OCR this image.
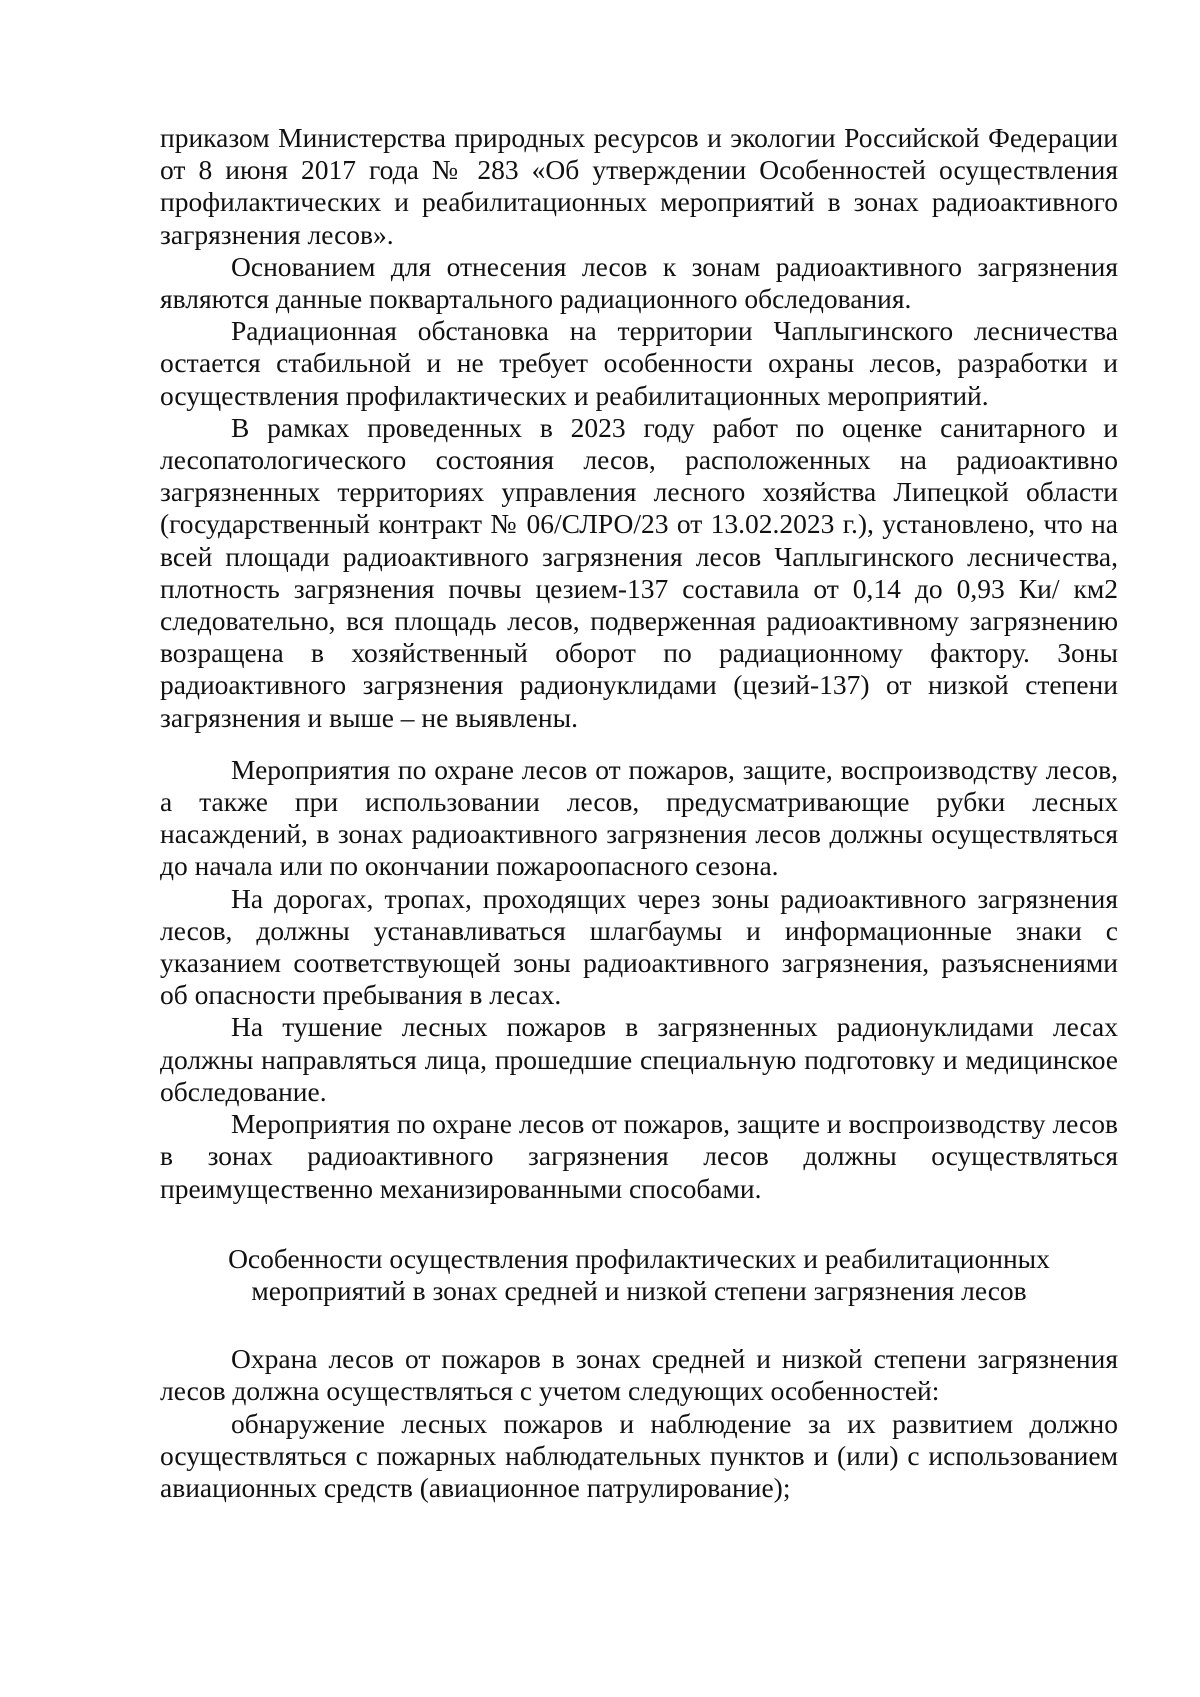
приказом Министерства природных ресурсов и экологии Российской Федерации от 8 июня 2017 года № 283 «Об утверждении Особенностей осуществления профилактических и реабилитационных мероприятий в зонах радиоактивного загрязнения лесов».

Основанием для отнесения лесов к зонам радиоактивного загрязнения являются данные поквартального радиационного обследования.

Радиационная обстановка на территории Чаплыгинского лесничества остается стабильной и не требует особенности охраны лесов, разработки и осуществления профилактических и реабилитационных мероприятий.

В рамках проведенных в 2023 году работ по оценке санитарного и лесопатологического состояния лесов, расположенных на радиоактивно загрязненных территориях управления лесного хозяйства Липецкой области (государственный контракт № 06/СЛРО/23 от 13.02.2023 г.), установлено, что на всей площади радиоактивного загрязнения лесов Чаплыгинского лесничества, плотность загрязнения почвы цезием-137 составила от 0,14 до 0,93 Ки/ км2 следовательно, вся площадь лесов, подверженная радиоактивному загрязнению возращена в хозяйственный оборот по радиационному фактору. Зоны радиоактивного загрязнения радионуклидами (цезий-137) от низкой степени загрязнения и выше – не выявлены.

Мероприятия по охране лесов от пожаров, защите, воспроизводству лесов, а также при использовании лесов, предусматривающие рубки лесных насаждений, в зонах радиоактивного загрязнения лесов должны осуществляться до начала или по окончании пожароопасного сезона.

На дорогах, тропах, проходящих через зоны радиоактивного загрязнения лесов, должны устанавливаться шлагбаумы и информационные знаки с указанием соответствующей зоны радиоактивного загрязнения, разъяснениями об опасности пребывания в лесах.

На тушение лесных пожаров в загрязненных радионуклидами лесах должны направляться лица, прошедшие специальную подготовку и медицинское обследование.

Мероприятия по охране лесов от пожаров, защите и воспроизводству лесов в зонах радиоактивного загрязнения лесов должны осуществляться преимущественно механизированными способами.

Особенности осуществления профилактических и реабилитационных мероприятий в зонах средней и низкой степени загрязнения лесов

Охрана лесов от пожаров в зонах средней и низкой степени загрязнения лесов должна осуществляться с учетом следующих особенностей:

обнаружение лесных пожаров и наблюдение за их развитием должно осуществляться с пожарных наблюдательных пунктов и (или) с использованием авиационных средств (авиационное патрулирование);
